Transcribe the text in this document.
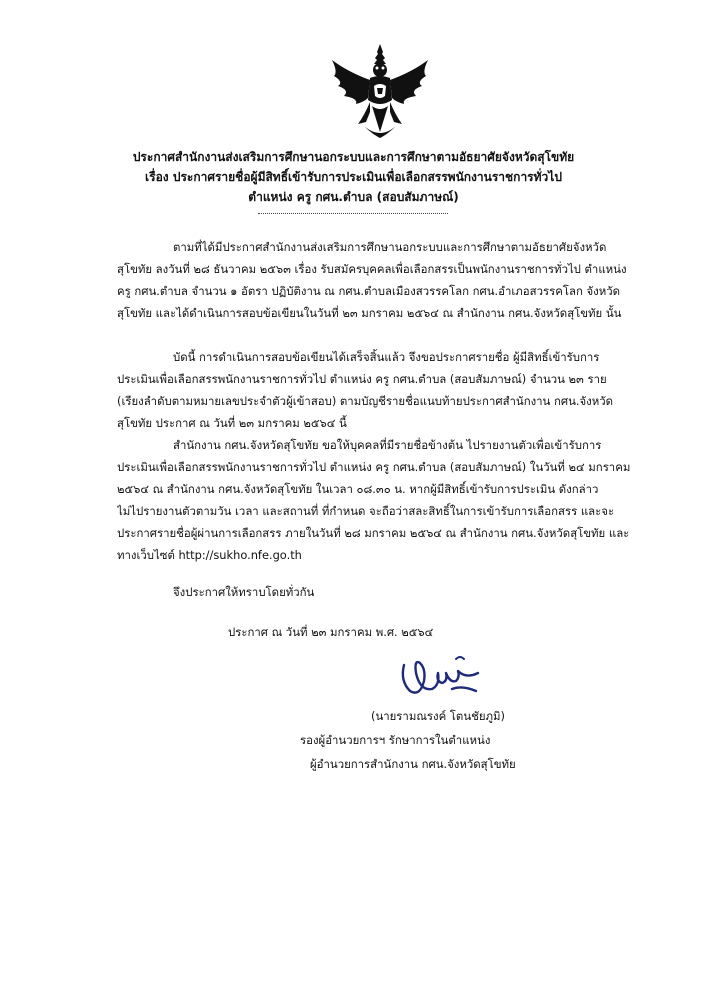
ประกาศสำนักงานส่งเสริมการศึกษานอกระบบและการศึกษาตามอัธยาศัยจังหวัดสุโขทัย
เรื่อง ประกาศรายชื่อผู้มีสิทธิ์เข้ารับการประเมินเพื่อเลือกสรรพนักงานราชการทั่วไป
ตำแหน่ง ครู กศน.ตำบล (สอบสัมภาษณ์)
ตามที่ได้มีประกาศสำนักงานส่งเสริมการศึกษานอกระบบและการศึกษาตามอัธยาศัยจังหวัด
สุโขทัย ลงวันที่ ๒๘ ธันวาคม ๒๕๖๓ เรื่อง รับสมัครบุคคลเพื่อเลือกสรรเป็นพนักงานราชการทั่วไป ตำแหน่ง
ครู กศน.ตำบล จำนวน ๑ อัตรา ปฏิบัติงาน ณ กศน.ตำบลเมืองสวรรคโลก กศน.อำเภอสวรรคโลก จังหวัด
สุโขทัย และได้ดำเนินการสอบข้อเขียนในวันที่ ๒๓ มกราคม ๒๕๖๔ ณ สำนักงาน กศน.จังหวัดสุโขทัย นั้น
บัดนี้ การดำเนินการสอบข้อเขียนได้เสร็จสิ้นแล้ว จึงขอประกาศรายชื่อ ผู้มีสิทธิ์เข้ารับการ
ประเมินเพื่อเลือกสรรพนักงานราชการทั่วไป ตำแหน่ง ครู กศน.ตำบล (สอบสัมภาษณ์) จำนวน ๒๓ ราย
(เรียงลำดับตามหมายเลขประจำตัวผู้เข้าสอบ) ตามบัญชีรายชื่อแนบท้ายประกาศสำนักงาน กศน.จังหวัด
สุโขทัย ประกาศ ณ วันที่ ๒๓ มกราคม ๒๕๖๔ นี้
สำนักงาน กศน.จังหวัดสุโขทัย ขอให้บุคคลที่มีรายชื่อข้างต้น ไปรายงานตัวเพื่อเข้ารับการ
ประเมินเพื่อเลือกสรรพนักงานราชการทั่วไป ตำแหน่ง ครู กศน.ตำบล (สอบสัมภาษณ์) ในวันที่ ๒๔ มกราคม
๒๕๖๔ ณ สำนักงาน กศน.จังหวัดสุโขทัย ในเวลา ๐๘.๓๐ น. หากผู้มีสิทธิ์เข้ารับการประเมิน ดังกล่าว
ไม่ไปรายงานตัวตามวัน เวลา และสถานที่ ที่กำหนด จะถือว่าสละสิทธิ์ในการเข้ารับการเลือกสรร และจะ
ประกาศรายชื่อผู้ผ่านการเลือกสรร ภายในวันที่ ๒๘ มกราคม ๒๕๖๔ ณ สำนักงาน กศน.จังหวัดสุโขทัย และ
ทางเว็บไซต์ http://sukho.nfe.go.th
จึงประกาศให้ทราบโดยทั่วกัน
ประกาศ ณ วันที่ ๒๓ มกราคม พ.ศ. ๒๕๖๔
(นายรามณรงค์ โตนชัยภูมิ)
รองผู้อำนวยการฯ รักษาการในตำแหน่ง
ผู้อำนวยการสำนักงาน กศน.จังหวัดสุโขทัย
